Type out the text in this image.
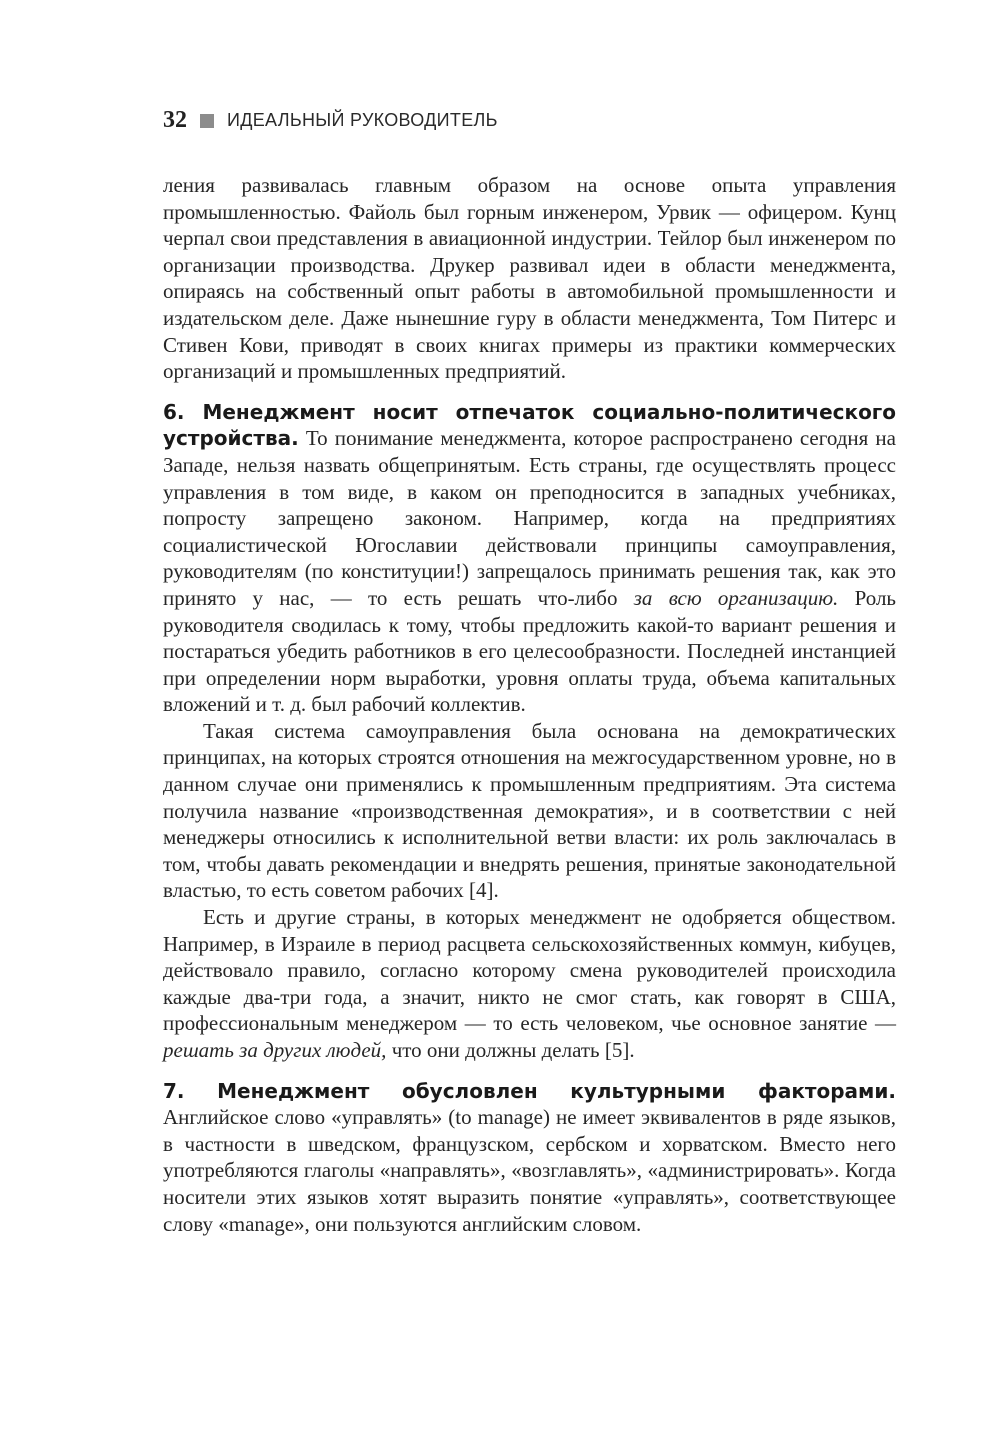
32 ИДЕАЛЬНЫЙ РУКОВОДИТЕЛЬ

ления развивалась главным образом на основе опыта управления промышленностью. Файоль был горным инженером, Урвик — офицером. Кунц черпал свои представления в авиационной индустрии. Тейлор был инженером по организации производства. Друкер развивал идеи в области менеджмента, опираясь на собственный опыт работы в автомобильной промышленности и издательском деле. Даже нынешние гуру в области менеджмента, Том Питерс и Стивен Кови, приводят в своих книгах примеры из практики коммерческих организаций и промышленных предприятий.

6. Менеджмент носит отпечаток социально-политического устройства. То понимание менеджмента, которое распространено сегодня на Западе, нельзя назвать общепринятым. Есть страны, где осуществлять процесс управления в том виде, в каком он преподносится в западных учебниках, попросту запрещено законом. Например, когда на предприятиях социалистической Югославии действовали принципы самоуправления, руководителям (по конституции!) запрещалось принимать решения так, как это принято у нас, — то есть решать что-либо за всю организацию. Роль руководителя сводилась к тому, чтобы предложить какой-то вариант решения и постараться убедить работников в его целесообразности. Последней инстанцией при определении норм выработки, уровня оплаты труда, объема капитальных вложений и т. д. был рабочий коллектив.

Такая система самоуправления была основана на демократических принципах, на которых строятся отношения на межгосударственном уровне, но в данном случае они применялись к промышленным предприятиям. Эта система получила название «производственная демократия», и в соответствии с ней менеджеры относились к исполнительной ветви власти: их роль заключалась в том, чтобы давать рекомендации и внедрять решения, принятые законодательной властью, то есть советом рабочих [4].

Есть и другие страны, в которых менеджмент не одобряется обществом. Например, в Израиле в период расцвета сельскохозяйственных коммун, кибуцев, действовало правило, согласно которому смена руководителей происходила каждые два-три года, а значит, никто не смог стать, как говорят в США, профессиональным менеджером — то есть человеком, чье основное занятие — решать за других людей, что они должны делать [5].

7. Менеджмент обусловлен культурными факторами. Английское слово «управлять» (to manage) не имеет эквивалентов в ряде языков, в частности в шведском, французском, сербском и хорватском. Вместо него употребляются глаголы «направлять», «возглавлять», «администрировать». Когда носители этих языков хотят выразить понятие «управлять», соответствующее слову «manage», они пользуются английским словом.
